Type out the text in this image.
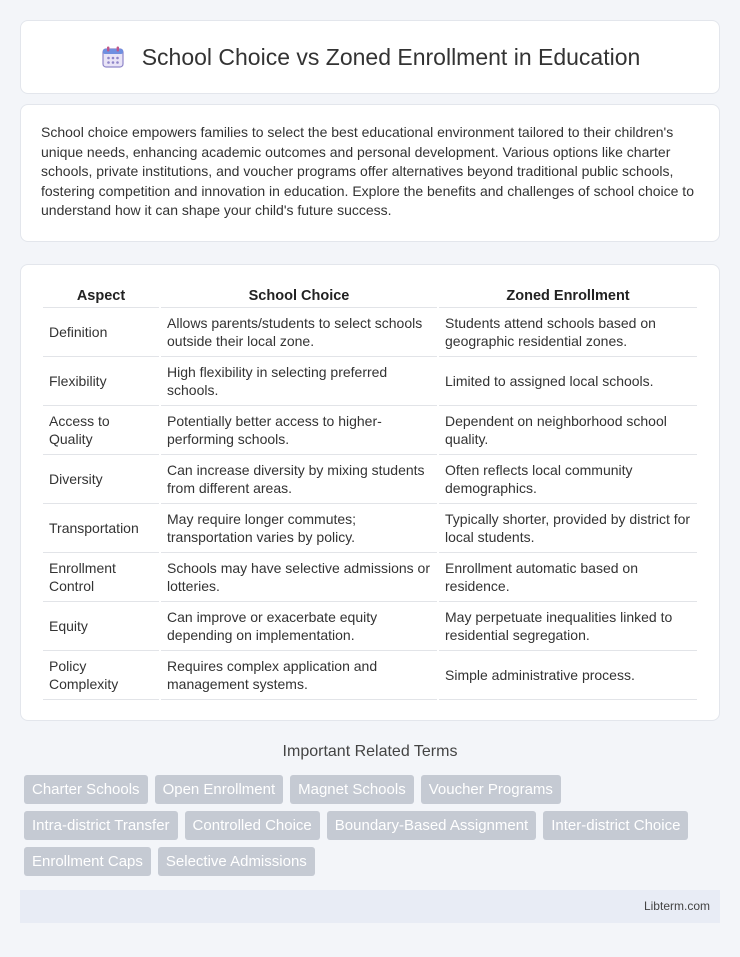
School Choice vs Zoned Enrollment in Education

School choice empowers families to select the best educational environment tailored to their children's unique needs, enhancing academic outcomes and personal development. Various options like charter schools, private institutions, and voucher programs offer alternatives beyond traditional public schools, fostering competition and innovation in education. Explore the benefits and challenges of school choice to understand how it can shape your child's future success.

Aspect	School Choice	Zoned Enrollment
Definition	Allows parents/students to select schools outside their local zone.	Students attend schools based on geographic residential zones.
Flexibility	High flexibility in selecting preferred schools.	Limited to assigned local schools.
Access to Quality	Potentially better access to higher-performing schools.	Dependent on neighborhood school quality.
Diversity	Can increase diversity by mixing students from different areas.	Often reflects local community demographics.
Transportation	May require longer commutes; transportation varies by policy.	Typically shorter, provided by district for local students.
Enrollment Control	Schools may have selective admissions or lotteries.	Enrollment automatic based on residence.
Equity	Can improve or exacerbate equity depending on implementation.	May perpetuate inequalities linked to residential segregation.
Policy Complexity	Requires complex application and management systems.	Simple administrative process.
Important Related Terms
Charter Schools	Open Enrollment	Magnet Schools	Voucher Programs
Intra-district Transfer	Controlled Choice	Boundary-Based Assignment	Inter-district Choice
Enrollment Caps	Selective Admissions
Libterm.com
